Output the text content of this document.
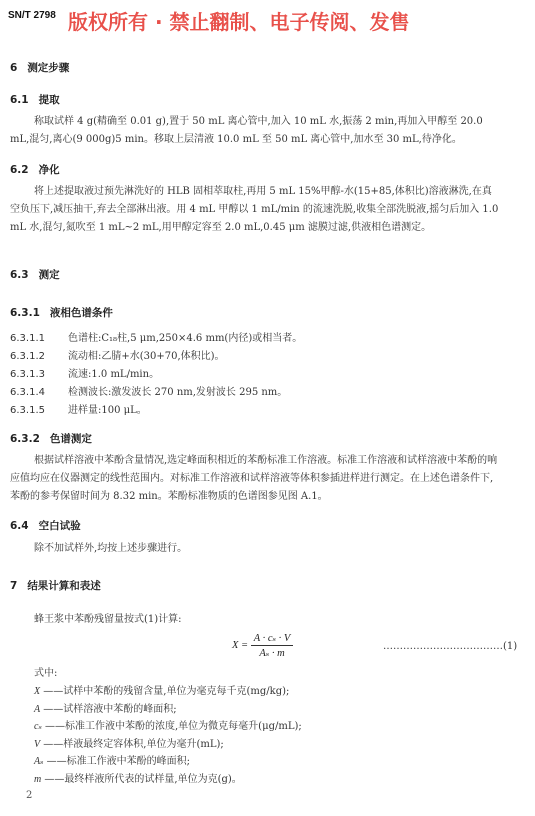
SN/T 2798 版权所有 · 禁止翻制、电子传阅、发售
6 测定步骤
6.1 提取
称取试样 4 g(精确至 0.01 g),置于 50 mL 离心管中,加入 10 mL 水,振荡 2 min,再加入甲醇至 20.0 mL,混匀,离心(9 000g)5 min。移取上层清液 10.0 mL 至 50 mL 离心管中,加水至 30 mL,待净化。
6.2 净化
将上述提取液过预先淋洗好的 HLB 固相萃取柱,再用 5 mL 15%甲醇-水(15+85,体积比)溶液淋洗,在真空负压下,减压抽干,弃去全部淋出液。用 4 mL 甲醇以 1 mL/min 的流速洗脱,收集全部洗脱液,摇匀后加入 1.0 mL 水,混匀,氮吹至 1 mL~2 mL,用甲醇定容至 2.0 mL,0.45 μm 滤膜过滤,供液相色谱测定。
6.3 测定
6.3.1 液相色谱条件
6.3.1.1 色谱柱:C₁₈柱,5 μm,250×4.6 mm(内径)或相当者。
6.3.1.2 流动相:乙腈+水(30+70,体积比)。
6.3.1.3 流速:1.0 mL/min。
6.3.1.4 检测波长:激发波长 270 nm,发射波长 295 nm。
6.3.1.5 进样量:100 μL。
6.3.2 色谱测定
根据试样溶液中苯酚含量情况,选定峰面积相近的苯酚标准工作溶液。标准工作溶液和试样溶液中苯酚的响应值均应在仪器测定的线性范围内。对标准工作溶液和试样溶液等体积参插进样进行测定。在上述色谱条件下,苯酚的参考保留时间为 8.32 min。苯酚标准物质的色谱图参见图 A.1。
6.4 空白试验
除不加试样外,均按上述步骤进行。
7 结果计算和表述
蜂王浆中苯酚残留量按式(1)计算:
$X = \frac{\text{A · cₛ · V}}{\text{Aₛ · m}}$	………………………………(1)
式中:
X ——试样中苯酚的残留含量,单位为毫克每千克(mg/kg);
A ——试样溶液中苯酚的峰面积;
cₛ ——标准工作液中苯酚的浓度,单位为微克每毫升(μg/mL);
V ——样液最终定容体积,单位为毫升(mL);
Aₛ ——标准工作液中苯酚的峰面积;
m ——最终样液所代表的试样量,单位为克(g)。
2
